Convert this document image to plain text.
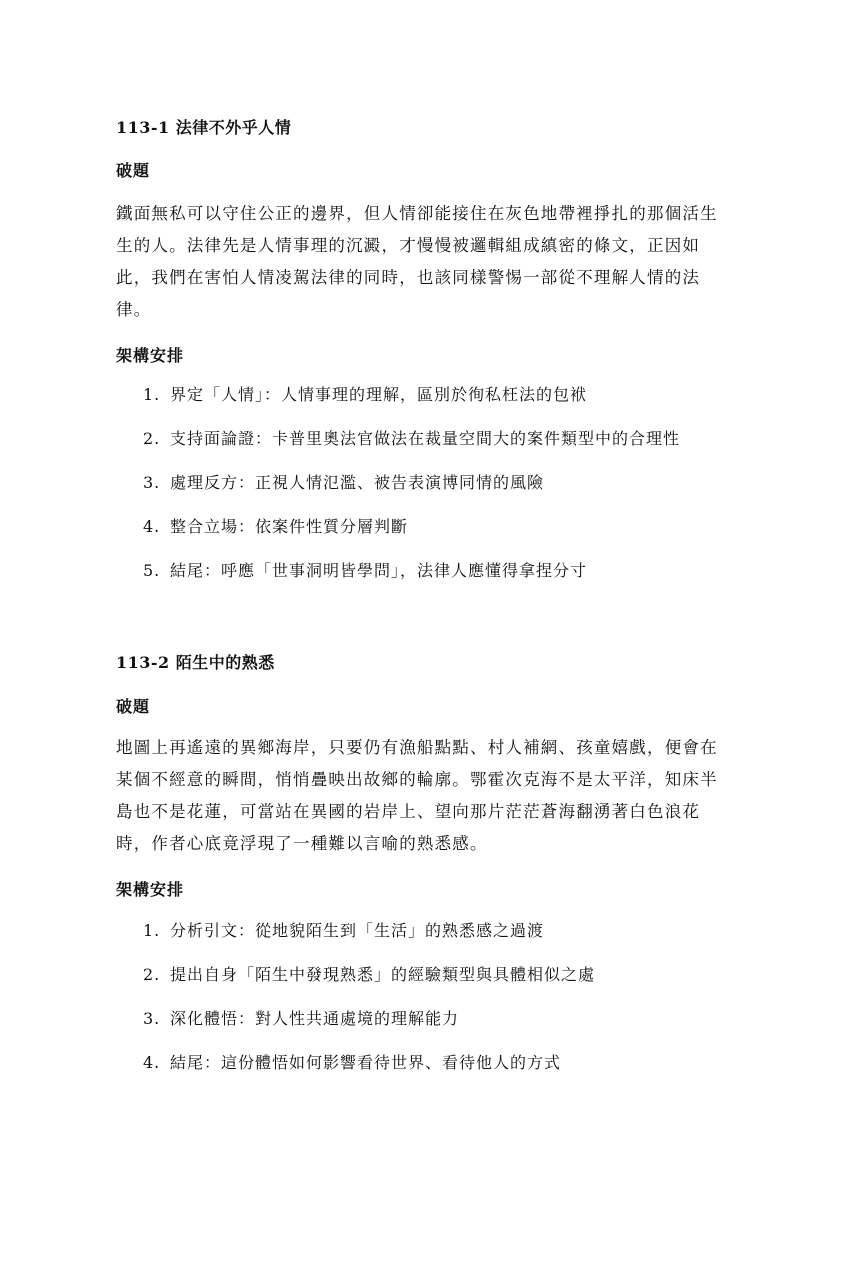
113-1 法律不外乎人情
破題
鐵面無私可以守住公正的邊界，但人情卻能接住在灰色地帶裡掙扎的那個活生
生的人。法律先是人情事理的沉澱，才慢慢被邏輯組成縝密的條文，正因如
此，我們在害怕人情凌駕法律的同時，也該同樣警惕一部從不理解人情的法
律。
架構安排
1. 界定「人情」：人情事理的理解，區別於徇私枉法的包袱
2. 支持面論證：卡普里奧法官做法在裁量空間大的案件類型中的合理性
3. 處理反方：正視人情氾濫、被告表演博同情的風險
4. 整合立場：依案件性質分層判斷
5. 結尾：呼應「世事洞明皆學問」，法律人應懂得拿捏分寸
113-2 陌生中的熟悉
破題
地圖上再遙遠的異鄉海岸，只要仍有漁船點點、村人補網、孩童嬉戲，便會在
某個不經意的瞬間，悄悄疊映出故鄉的輪廓。鄂霍次克海不是太平洋，知床半
島也不是花蓮，可當站在異國的岩岸上、望向那片茫茫蒼海翻湧著白色浪花
時，作者心底竟浮現了一種難以言喻的熟悉感。
架構安排
1. 分析引文：從地貌陌生到「生活」的熟悉感之過渡
2. 提出自身「陌生中發現熟悉」的經驗類型與具體相似之處
3. 深化體悟：對人性共通處境的理解能力
4. 結尾：這份體悟如何影響看待世界、看待他人的方式
